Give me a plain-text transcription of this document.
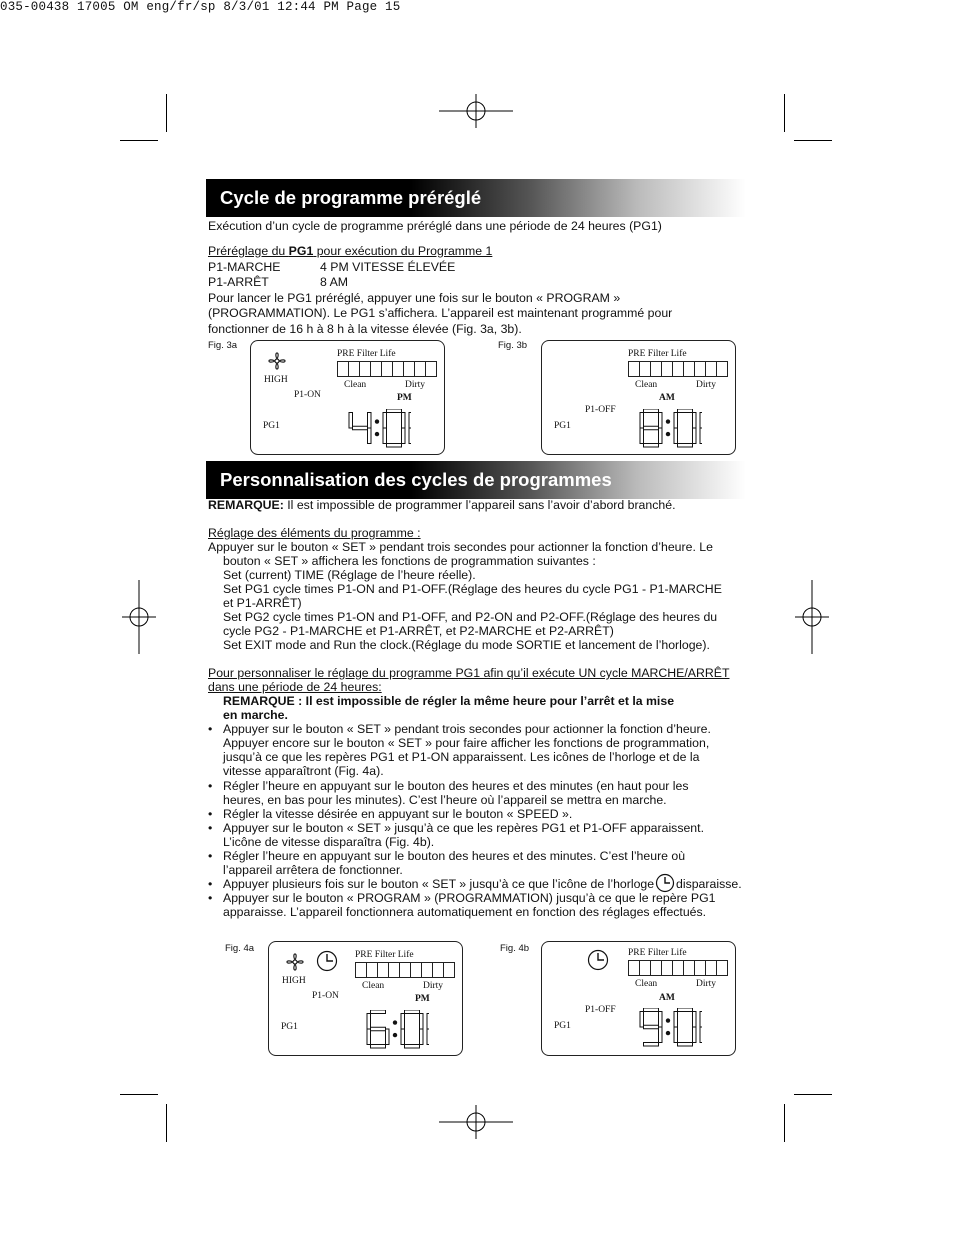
035-00438 17005 OM eng/fr/sp 8/3/01 12:44 PM Page 15
Cycle de programme préréglé
Exécution d’un cycle de programme préréglé dans une période de 24 heures (PG1)
Préréglage du PG1 pour exécution du Programme 1
P1-MARCHE	4 PM VITESSE ÉLEVÉE
P1-ARRÊT	8 AM
Pour lancer le PG1 préréglé, appuyer une fois sur le bouton « PROGRAM »
(PROGRAMMATION). Le PG1 s’affichera. L’appareil est maintenant programmé pour
fonctionner de 16 h à 8 h à la vitesse élevée (Fig. 3a, 3b).
Fig. 3a
HIGH
PRE Filter Life
Clean	Dirty
P1-ON	PM
PG1
Fig. 3b
PRE Filter Life
Clean	Dirty
AM
P1-OFF
PG1
Personnalisation des cycles de programmes
REMARQUE: Il est impossible de programmer l’appareil sans l’avoir d’abord branché.
Réglage des éléments du programme :
Appuyer sur le bouton « SET » pendant trois secondes pour actionner la fonction d’heure. Le
bouton « SET » affichera les fonctions de programmation suivantes :
Set (current) TIME (Réglage de l’heure réelle).
Set PG1 cycle times P1-ON and P1-OFF.(Réglage des heures du cycle PG1 - P1-MARCHE
et P1-ARRÊT)
Set PG2 cycle times P1-ON and P1-OFF, and P2-ON and P2-OFF.(Réglage des heures du
cycle PG2 - P1-MARCHE et P1-ARRÊT, et P2-MARCHE et P2-ARRÊT)
Set EXIT mode and Run the clock.(Réglage du mode SORTIE et lancement de l’horloge).
Pour personnaliser le réglage du programme PG1 afin qu’il exécute UN cycle MARCHE/ARRÊT
dans une période de 24 heures:
REMARQUE : Il est impossible de régler la même heure pour l’arrêt et la mise
en marche.
• Appuyer sur le bouton « SET » pendant trois secondes pour actionner la fonction d’heure.
Appuyer encore sur le bouton « SET » pour faire afficher les fonctions de programmation,
jusqu’à ce que les repères PG1 et P1-ON apparaissent. Les icônes de l’horloge et de la
vitesse apparaîtront (Fig. 4a).
• Régler l’heure en appuyant sur le bouton des heures et des minutes (en haut pour les
heures, en bas pour les minutes). C’est l’heure où l’appareil se mettra en marche.
• Régler la vitesse désirée en appuyant sur le bouton « SPEED ».
• Appuyer sur le bouton « SET » jusqu’à ce que les repères PG1 et P1-OFF apparaissent.
L’icône de vitesse disparaîtra (Fig. 4b).
• Régler l’heure en appuyant sur le bouton des heures et des minutes. C’est l’heure où
l’appareil arrêtera de fonctionner.
• Appuyer plusieurs fois sur le bouton « SET » jusqu’à ce que l’icône de l’horloge disparaisse.
• Appuyer sur le bouton « PROGRAM » (PROGRAMMATION) jusqu’à ce que le repère PG1
apparaisse. L’appareil fonctionnera automatiquement en fonction des réglages effectués.
Fig. 4a
HIGH
PRE Filter Life
Clean	Dirty
P1-ON	PM
PG1
Fig. 4b	PRE Filter Life
Clean	Dirty
AM
P1-OFF
PG1
